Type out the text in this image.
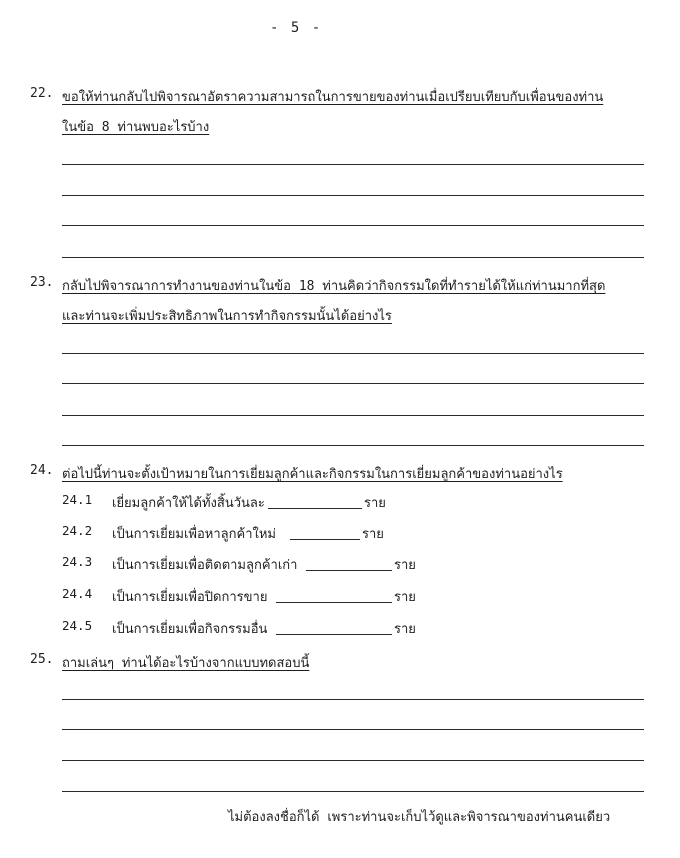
- 5 -
22. ขอให้ท่านกลับไปพิจารณาอัตราความสามารถในการขายของท่านเมื่อเปรียบเทียบกับเพื่อนของท่าน
ในข้อ 8 ท่านพบอะไรบ้าง
23. กลับไปพิจารณาการทำงานของท่านในข้อ 18 ท่านคิดว่ากิจกรรมใดที่ทำรายได้ให้แก่ท่านมากที่สุด
และท่านจะเพิ่มประสิทธิภาพในการทำกิจกรรมนั้นได้อย่างไร
24. ต่อไปนี้ท่านจะตั้งเป้าหมายในการเยี่ยมลูกค้าและกิจกรรมในการเยี่ยมลูกค้าของท่านอย่างไร
24.1 เยี่ยมลูกค้าให้ได้ทั้งสิ้นวันละ	ราย
24.2 เป็นการเยี่ยมเพื่อหาลูกค้าใหม่	ราย
24.3 เป็นการเยี่ยมเพื่อติดตามลูกค้าเก่า	ราย
24.4 เป็นการเยี่ยมเพื่อปิดการขาย	ราย
24.5 เป็นการเยี่ยมเพื่อกิจกรรมอื่น	ราย
25. ถามเล่นๆ ท่านได้อะไรบ้างจากแบบทดสอบนี้
ไม่ต้องลงชื่อก็ได้ เพราะท่านจะเก็บไว้ดูและพิจารณาของท่านคนเดียว
